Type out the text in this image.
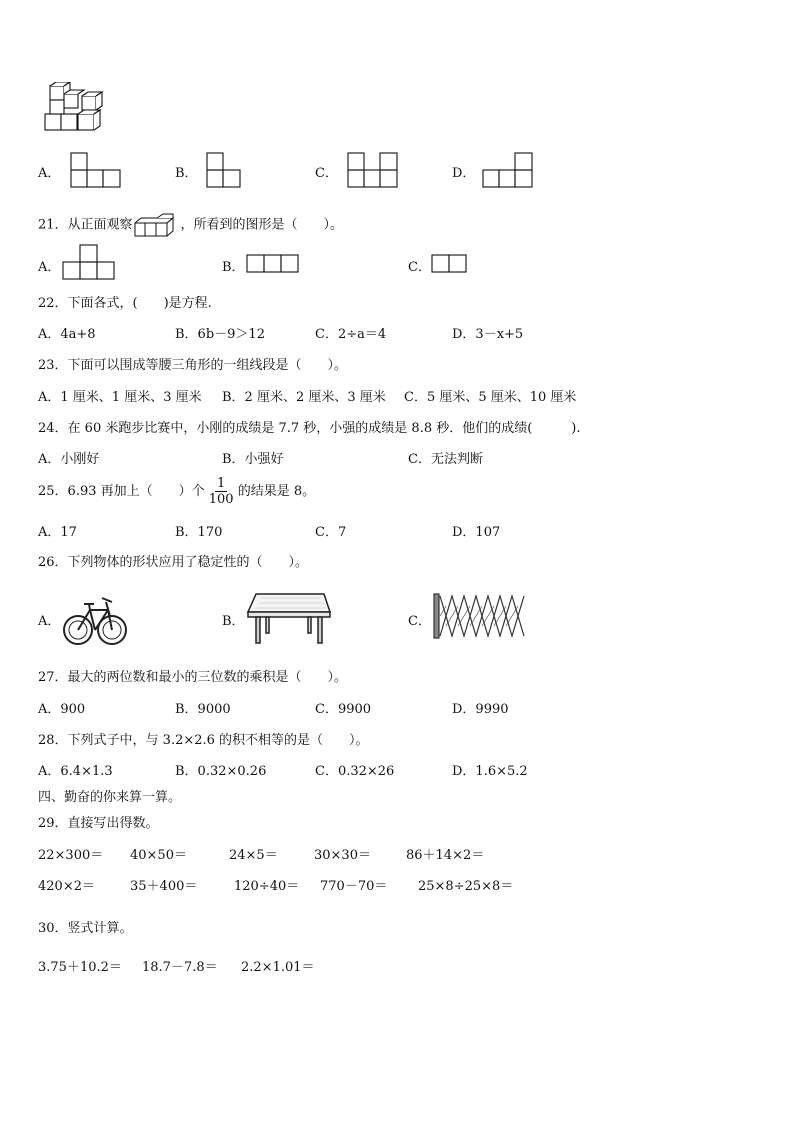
A．	B．	C．	D．
21．从正面观察	，所看到的图形是（　　）。
A．	B．	C．
22．下面各式，(　　)是方程.
A．4a+8	B．6b－9＞12	C．2÷a＝4	D．3－x+5
23．下面可以围成等腰三角形的一组线段是（　　）。
A．1 厘米、1 厘米、3 厘米 B．2 厘米、2 厘米、3 厘米 C．5 厘米、5 厘米、10 厘米
24．在 60 米跑步比赛中，小刚的成绩是 7.7 秒，小强的成绩是 8.8 秒．他们的成绩(　　　).
A．小刚好	B．小强好	C．无法判断
25．6.93 再加上（　　）个 $\frac{1}{100}$ 的结果是 8。
A．17	B．170	C．7	D．107
26．下列物体的形状应用了稳定性的（　　）。
A．	B．	C．
27．最大的两位数和最小的三位数的乘积是（　　）。
A．900	B．9000	C．9900	D．9990
28．下列式子中，与 3.2×2.6 的积不相等的是（　　）。
A．6.4×1.3	B．0.32×0.26	C．0.32×26	D．1.6×5.2
四、勤奋的你来算一算。
29．直接写出得数。
22×300＝ 40×50＝	24×5＝	30×30＝	86＋14×2＝
420×2＝	35＋400＝	120÷40＝ 770－70＝ 25×8÷25×8＝
30．竖式计算。
3.75＋10.2＝ 18.7－7.8＝ 2.2×1.01＝
